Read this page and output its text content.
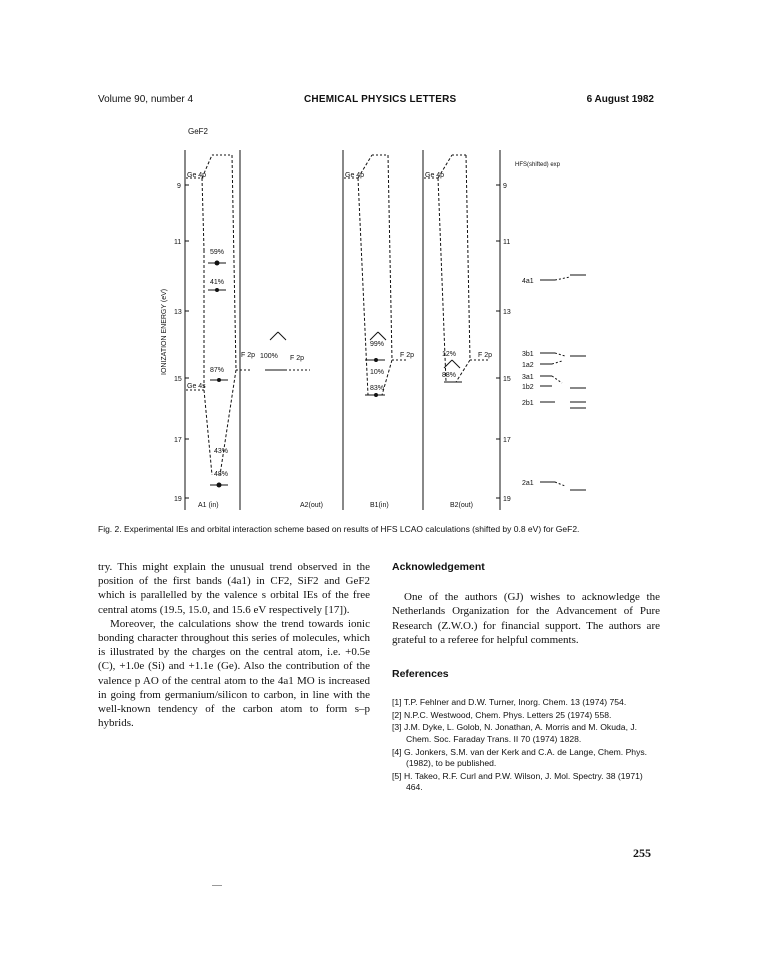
Volume 90, number 4	CHEMICAL PHYSICS LETTERS	6 August 1982
GeF2
IONIZATION ENERGY (eV)
9
11
13
15
17
19
Ge 4p
Ge 4s
F 2p
59%
41%
87%
43%
48%
A1 (in)
100% F 2p
A2(out)
Ge 4p
F 2p
99%
10%
83%
B1(in)
Ge 4p
F 2p
12%
88%
B2(out)
HFS(shifted) exp
9
11
13
15
17
19
4a1
3b1
1a2
3a1
1b2
2b1
2a1
Fig. 2. Experimental IEs and orbital interaction scheme based on results of HFS LCAO calculations (shifted by 0.8 eV) for GeF2.

try. This might explain the unusual trend observed in the position of the first bands (4a1) in CF2, SiF2 and GeF2 which is parallelled by the valence s orbital IEs of the free central atoms (19.5, 15.0, and 15.6 eV respectively [17]).

Moreover, the calculations show the trend towards ionic bonding character throughout this series of molecules, which is illustrated by the charges on the central atom, i.e. +0.5e (C), +1.0e (Si) and +1.1e (Ge). Also the contribution of the valence p AO of the central atom to the 4a1 MO is increased in going from germanium/silicon to carbon, in line with the well-known tendency of the carbon atom to form s–p hybrids.

Acknowledgement

One of the authors (GJ) wishes to acknowledge the Netherlands Organization for the Advancement of Pure Research (Z.W.O.) for financial support. The authors are grateful to a referee for helpful comments.

References
[1] T.P. Fehlner and D.W. Turner, Inorg. Chem. 13 (1974) 754.
[2] N.P.C. Westwood, Chem. Phys. Letters 25 (1974) 558.
[3] J.M. Dyke, L. Golob, N. Jonathan, A. Morris and M. Okuda, J. Chem. Soc. Faraday Trans. II 70 (1974) 1828.
[4] G. Jonkers, S.M. van der Kerk and C.A. de Lange, Chem. Phys. (1982), to be published.
[5] H. Takeo, R.F. Curl and P.W. Wilson, J. Mol. Spectry. 38 (1971) 464.
255
